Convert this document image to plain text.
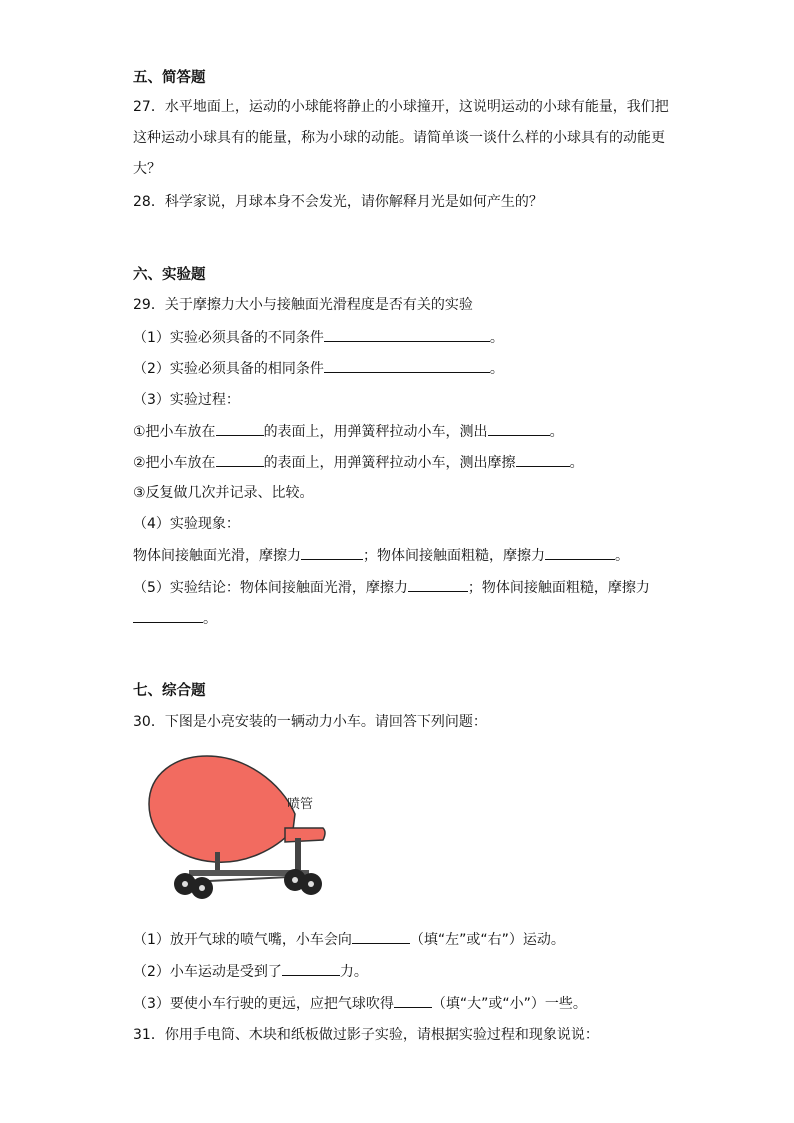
五、简答题
27．水平地面上，运动的小球能将静止的小球撞开，这说明运动的小球有能量，我们把
这种运动小球具有的能量，称为小球的动能。请简单谈一谈什么样的小球具有的动能更
大？
28．科学家说，月球本身不会发光，请你解释月光是如何产生的？
六、实验题
29．关于摩擦力大小与接触面光滑程度是否有关的实验
（1）实验必须具备的不同条件	。
（2）实验必须具备的相同条件	。
（3）实验过程：
①把小车放在	的表面上，用弹簧秤拉动小车，测出	。
②把小车放在	的表面上，用弹簧秤拉动小车，测出摩擦	。
③反复做几次并记录、比较。
（4）实验现象：
物体间接触面光滑，摩擦力	；物体间接触面粗糙，摩擦力	。
（5）实验结论：物体间接触面光滑，摩擦力	；物体间接触面粗糙，摩擦力
。
七、综合题
30．下图是小亮安装的一辆动力小车。请回答下列问题：
喷管
（1）放开气球的喷气嘴，小车会向	（填“左”或“右”）运动。
（2）小车运动是受到了	力。
（3）要使小车行驶的更远，应把气球吹得	（填“大”或“小”）一些。
31．你用手电筒、木块和纸板做过影子实验，请根据实验过程和现象说说：
